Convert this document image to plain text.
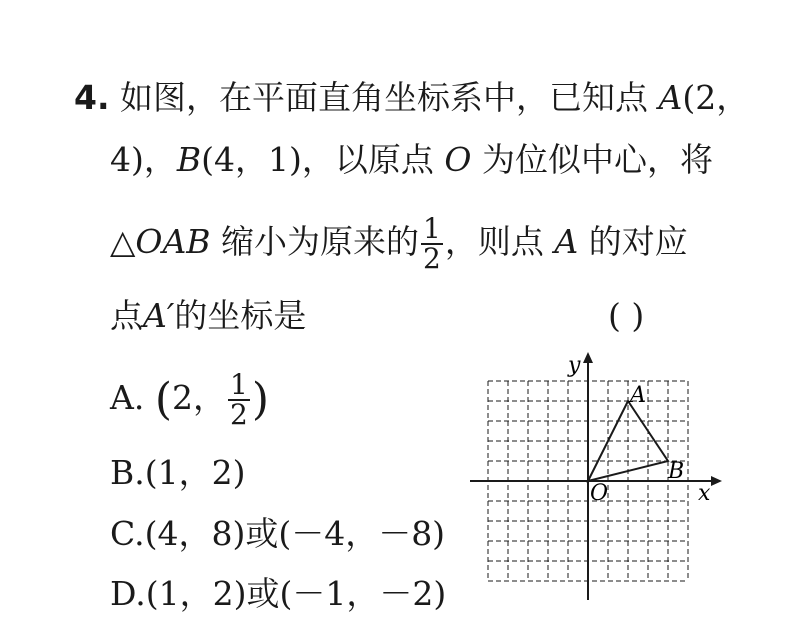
4. 如图，在平面直角坐标系中，已知点 A(2，
4)，B(4，1)，以原点 O 为位似中心，将
△OAB 缩小为原来的 $\frac{1}{2}$ ，则点 A 的对应
点A′的坐标是	( )
A. (2， $\frac{1}{2}$ )
B.(1，2)
C.(4，8)或(－4，－8)
D.(1，2)或(－1，－2)
y
x
O
A
B
